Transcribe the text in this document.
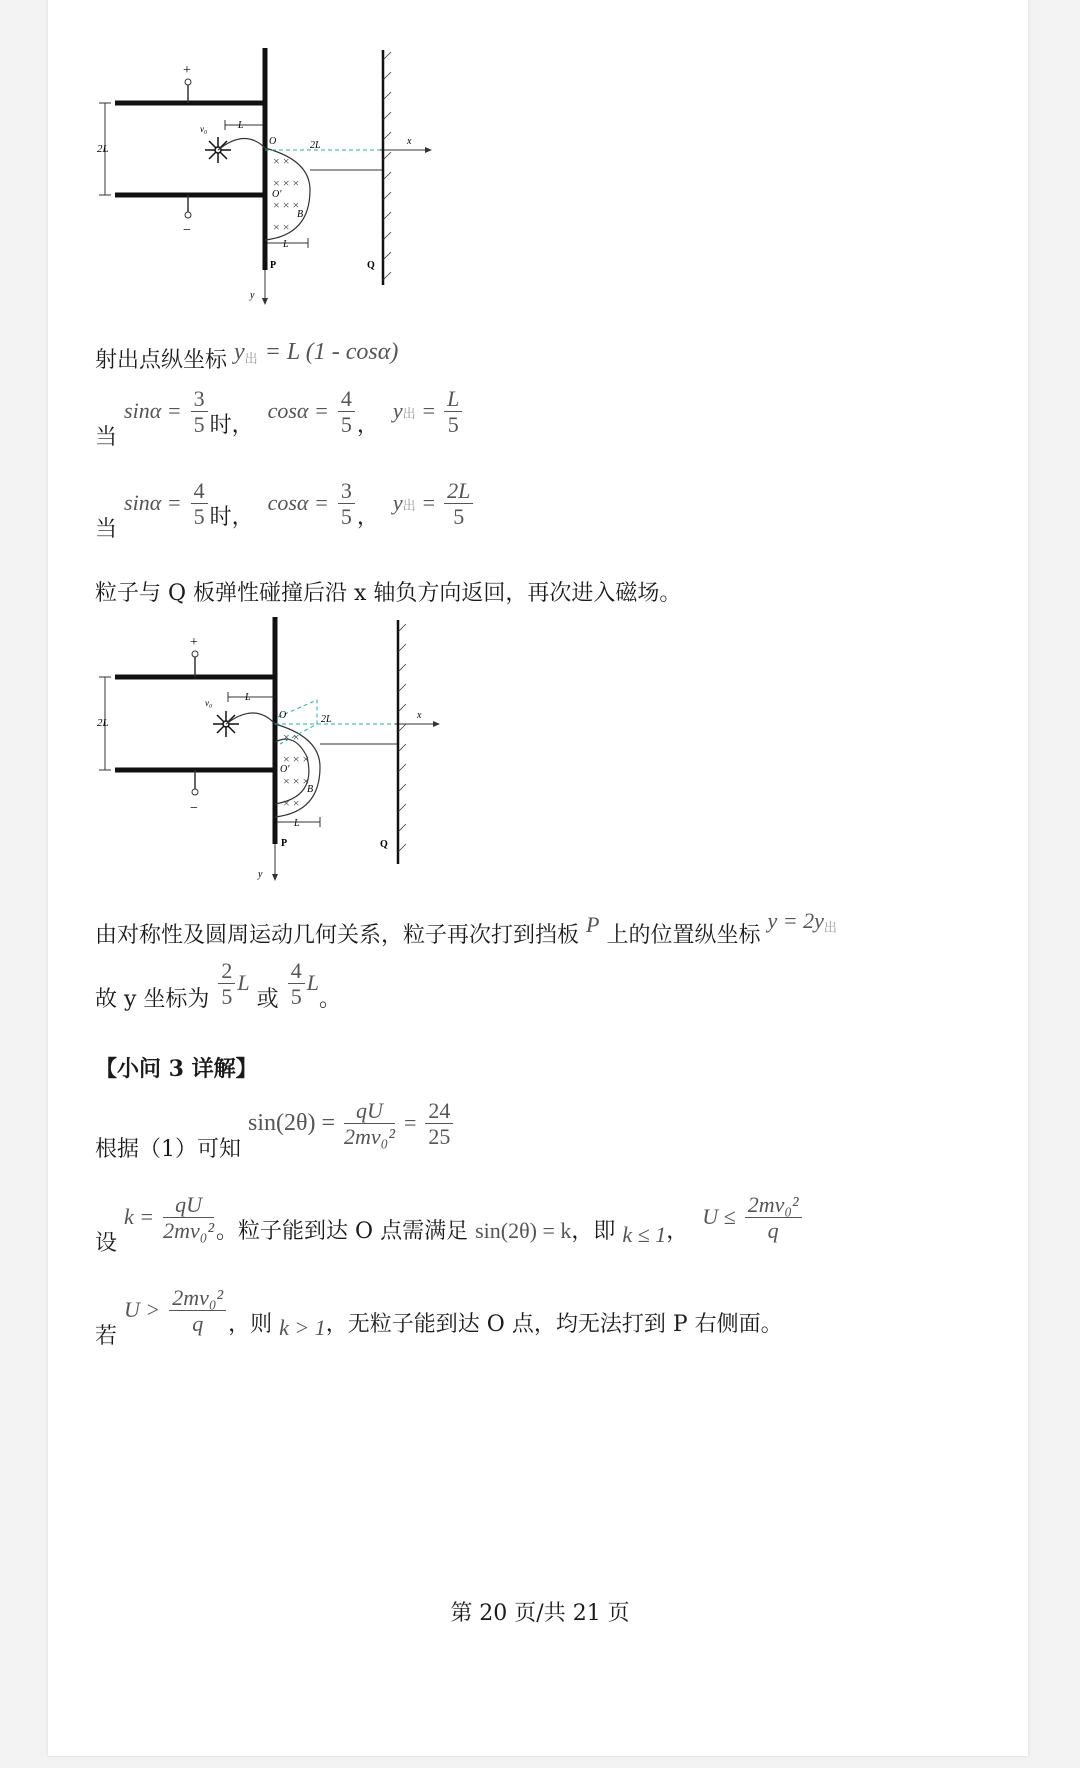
+
−
2L
v₀	L
2L
O	x
× ×
× × ×
× × ×
× ×
O'
B
L
y
P	Q
射出点纵坐标 $y^出 = L$ (1 - cosα)
当 $\sin\alpha = \frac{3}{5}$ 时，  $\cos\alpha = \frac{4}{5}$ ，  y出 = $\frac{L}{5}$
当 $\sin\alpha = \frac{4}{5}$ 时，  $\cos\alpha = \frac{3}{5}$ ，  y出 = $\frac{2L}{5}$
粒子与 Q 板弹性碰撞后沿 x 轴负方向返回，再次进入磁场。
+
−
2L
v₀	L
2L
O	x
× ×
× × ×
× × ×
× ×
O'
B
L
y
P	Q
由对称性及圆周运动几何关系，粒子再次打到挡板 P 上的位置纵坐标 $y = 2y^出$
故 y 坐标为 $\frac{2}{5}$ L 或 $\frac{4}{5}$ L。
【小问 3 详解】
根据（1）可知 $\sin(2\theta) = \frac{qU}{\text{2mv₀²}} = \frac{24}{25}$
设 $k = \frac{qU}{\text{2mv₀²}}$ 。粒子能到达 O 点需满足 sin(2θ) = k，即 k ≤ 1，  $U \le \frac{\text{2mv₀²}}{q}$
若 $U > \frac{\text{2mv₀²}}{q}$ ，则 k > 1，无粒子能到达 O 点，均无法打到 P 右侧面。
第 20 页/共 21 页
